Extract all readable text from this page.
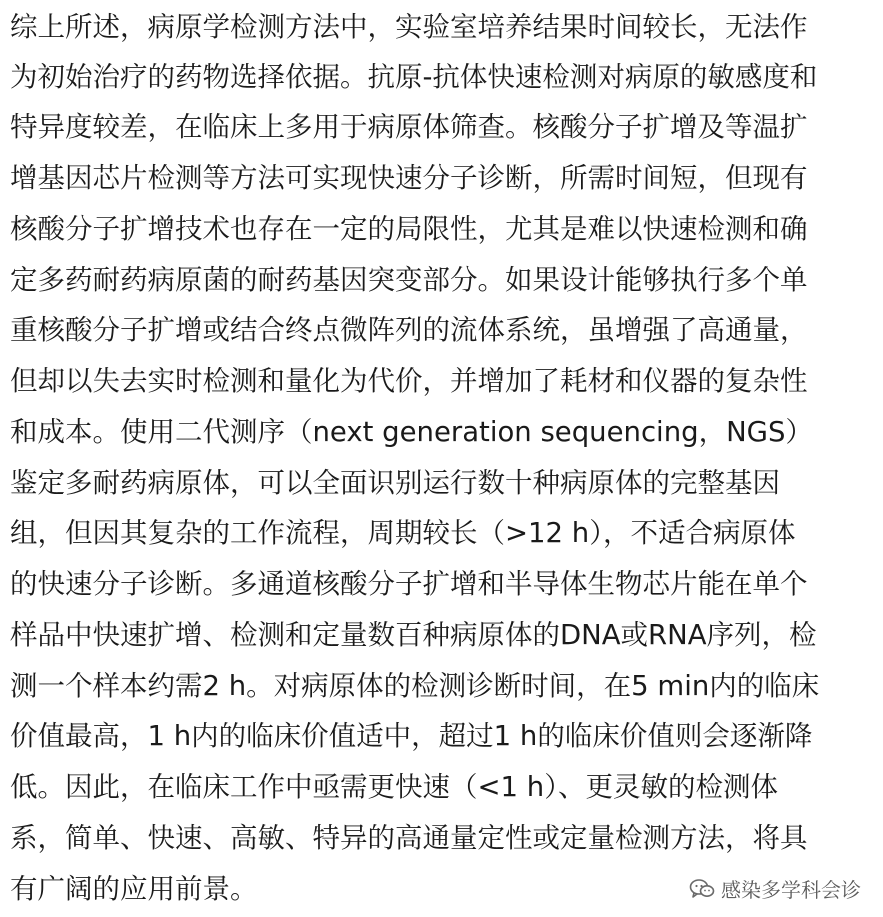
综上所述，病原学检测方法中，实验室培养结果时间较长，无法作
为初始治疗的药物选择依据。抗原-抗体快速检测对病原的敏感度和
特异度较差，在临床上多用于病原体筛查。核酸分子扩增及等温扩
增基因芯片检测等方法可实现快速分子诊断，所需时间短，但现有
核酸分子扩增技术也存在一定的局限性，尤其是难以快速检测和确
定多药耐药病原菌的耐药基因突变部分。如果设计能够执行多个单
重核酸分子扩增或结合终点微阵列的流体系统，虽增强了高通量，
但却以失去实时检测和量化为代价，并增加了耗材和仪器的复杂性
和成本。使用二代测序（next generation sequencing，NGS）
鉴定多耐药病原体，可以全面识别运行数十种病原体的完整基因
组，但因其复杂的工作流程，周期较长（>12 h），不适合病原体
的快速分子诊断。多通道核酸分子扩增和半导体生物芯片能在单个
样品中快速扩增、检测和定量数百种病原体的DNA或RNA序列，检
测一个样本约需2 h。对病原体的检测诊断时间，在5 min内的临床
价值最高，1 h内的临床价值适中，超过1 h的临床价值则会逐渐降
低。因此，在临床工作中亟需更快速（<1 h）、更灵敏的检测体
系，简单、快速、高敏、特异的高通量定性或定量检测方法，将具
有广阔的应用前景。	感染多学科会诊
